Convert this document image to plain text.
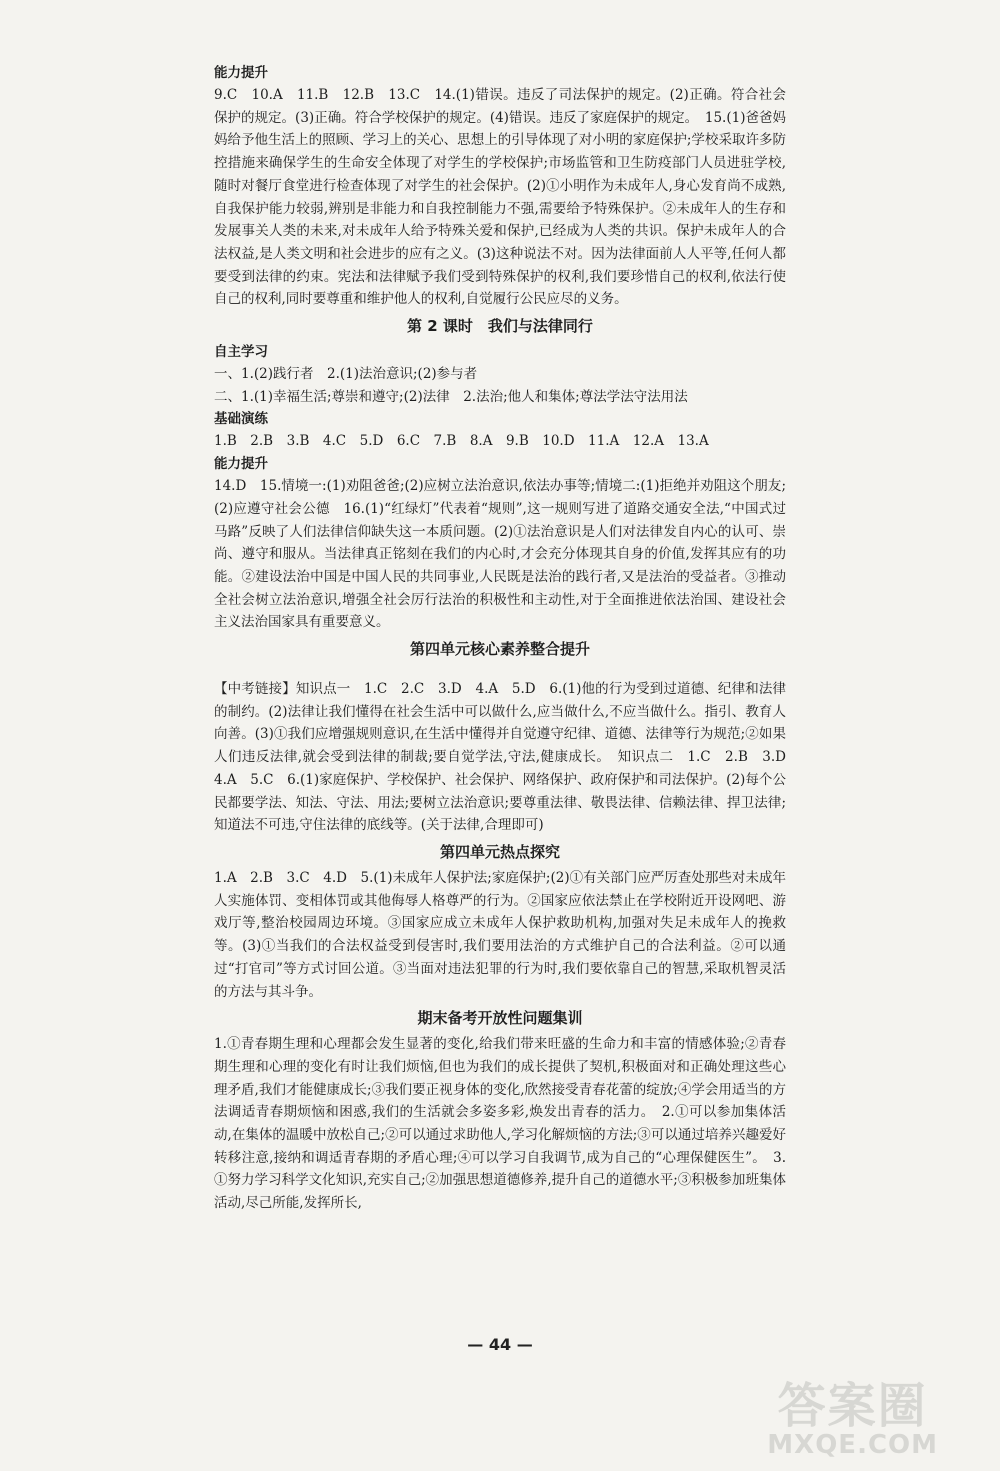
能力提升
9.C　10.A　11.B　12.B　13.C　14.(1)错误。违反了司法保护的规定。(2)正确。符合社会保护的规定。(3)正确。符合学校保护的规定。(4)错误。违反了家庭保护的规定。　15.(1)爸爸妈妈给予他生活上的照顾、学习上的关心、思想上的引导体现了对小明的家庭保护;学校采取许多防控措施来确保学生的生命安全体现了对学生的学校保护;市场监管和卫生防疫部门人员进驻学校,随时对餐厅食堂进行检查体现了对学生的社会保护。(2)①小明作为未成年人,身心发育尚不成熟,自我保护能力较弱,辨别是非能力和自我控制能力不强,需要给予特殊保护。②未成年人的生存和发展事关人类的未来,对未成年人给予特殊关爱和保护,已经成为人类的共识。保护未成年人的合法权益,是人类文明和社会进步的应有之义。(3)这种说法不对。因为法律面前人人平等,任何人都要受到法律的约束。宪法和法律赋予我们受到特殊保护的权利,我们要珍惜自己的权利,依法行使自己的权利,同时要尊重和维护他人的权利,自觉履行公民应尽的义务。
第 2 课时　我们与法律同行
自主学习
一、1.(2)践行者　2.(1)法治意识;(2)参与者
二、1.(1)幸福生活;尊崇和遵守;(2)法律　2.法治;他人和集体;尊法学法守法用法
基础演练
1.B　2.B　3.B　4.C　5.D　6.C　7.B　8.A　9.B　10.D　11.A　12.A　13.A
能力提升
14.D　15.情境一:(1)劝阻爸爸;(2)应树立法治意识,依法办事等;情境二:(1)拒绝并劝阻这个朋友;(2)应遵守社会公德　16.(1)“红绿灯”代表着“规则”,这一规则写进了道路交通安全法,“中国式过马路”反映了人们法律信仰缺失这一本质问题。(2)①法治意识是人们对法律发自内心的认可、崇尚、遵守和服从。当法律真正铭刻在我们的内心时,才会充分体现其自身的价值,发挥其应有的功能。②建设法治中国是中国人民的共同事业,人民既是法治的践行者,又是法治的受益者。③推动全社会树立法治意识,增强全社会厉行法治的积极性和主动性,对于全面推进依法治国、建设社会主义法治国家具有重要意义。
第四单元核心素养整合提升
【中考链接】知识点一　1.C　2.C　3.D　4.A　5.D　6.(1)他的行为受到过道德、纪律和法律的制约。(2)法律让我们懂得在社会生活中可以做什么,应当做什么,不应当做什么。指引、教育人向善。(3)①我们应增强规则意识,在生活中懂得并自觉遵守纪律、道德、法律等行为规范;②如果人们违反法律,就会受到法律的制裁;要自觉学法,守法,健康成长。　知识点二　1.C　2.B　3.D　4.A　5.C　6.(1)家庭保护、学校保护、社会保护、网络保护、政府保护和司法保护。(2)每个公民都要学法、知法、守法、用法;要树立法治意识;要尊重法律、敬畏法律、信赖法律、捍卫法律;知道法不可违,守住法律的底线等。(关于法律,合理即可)
第四单元热点探究
1.A　2.B　3.C　4.D　5.(1)未成年人保护法;家庭保护;(2)①有关部门应严厉查处那些对未成年人实施体罚、变相体罚或其他侮辱人格尊严的行为。②国家应依法禁止在学校附近开设网吧、游戏厅等,整治校园周边环境。③国家应成立未成年人保护救助机构,加强对失足未成年人的挽救等。(3)①当我们的合法权益受到侵害时,我们要用法治的方式维护自己的合法利益。②可以通过“打官司”等方式讨回公道。③当面对违法犯罪的行为时,我们要依靠自己的智慧,采取机智灵活的方法与其斗争。
期末备考开放性问题集训
1.①青春期生理和心理都会发生显著的变化,给我们带来旺盛的生命力和丰富的情感体验;②青春期生理和心理的变化有时让我们烦恼,但也为我们的成长提供了契机,积极面对和正确处理这些心理矛盾,我们才能健康成长;③我们要正视身体的变化,欣然接受青春花蕾的绽放;④学会用适当的方法调适青春期烦恼和困惑,我们的生活就会多姿多彩,焕发出青春的活力。　2.①可以参加集体活动,在集体的温暖中放松自己;②可以通过求助他人,学习化解烦恼的方法;③可以通过培养兴趣爱好转移注意,接纳和调适青春期的矛盾心理;④可以学习自我调节,成为自己的“心理保健医生”。　3.①努力学习科学文化知识,充实自己;②加强思想道德修养,提升自己的道德水平;③积极参加班集体活动,尽己所能,发挥所长,
— 44 —
答案圈
MXQE.COM
